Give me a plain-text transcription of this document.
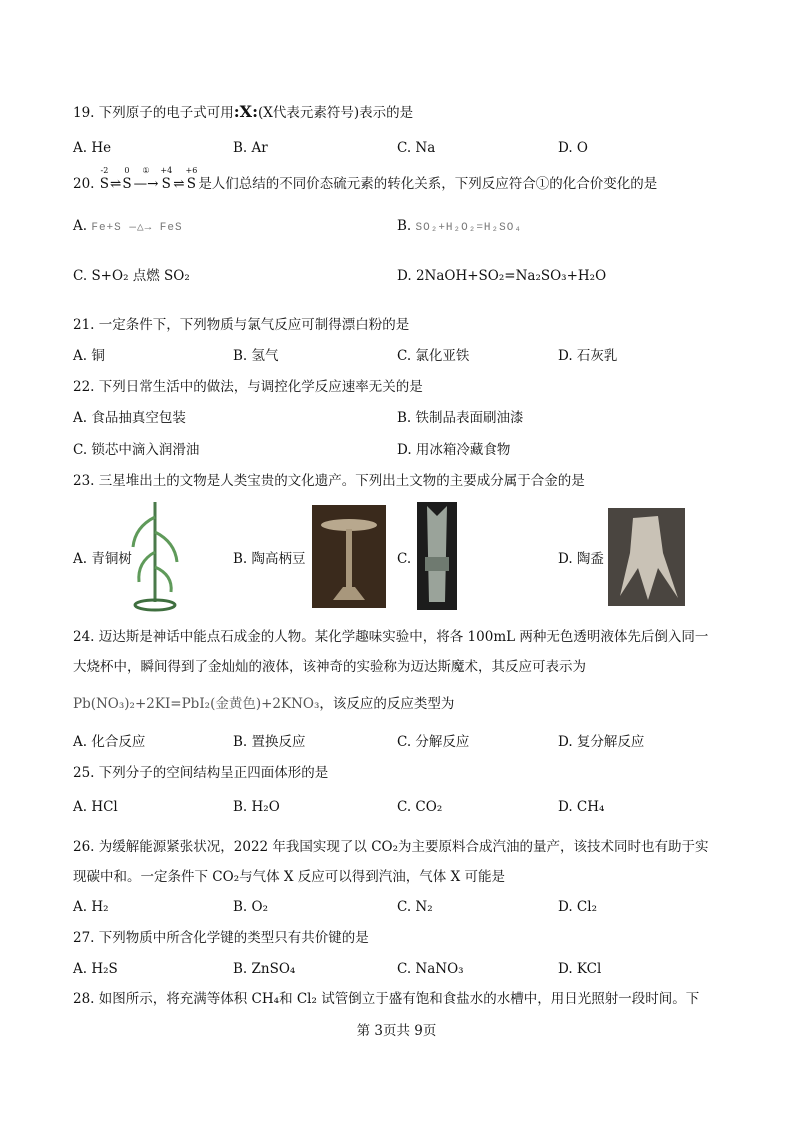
19. 下列原子的电子式可用:X:(X代表元素符号)表示的是
A. He	B. Ar	C. Na	D. O
20.
-2
S ⇌
0
S
①
—→
+4
S ⇌
+6
S 是人们总结的不同价态硫元素的转化关系，下列反应符合①的化合价变化的是
A. Fe+S —△→ FeS	B. SO₂+H₂O₂=H₂SO₄
C. S+O₂ 点燃 SO₂	D. 2NaOH+SO₂=Na₂SO₃+H₂O
21. 一定条件下，下列物质与氯气反应可制得漂白粉的是
A. 铜	B. 氢气	C. 氯化亚铁	D. 石灰乳
22. 下列日常生活中的做法，与调控化学反应速率无关的是
A. 食品抽真空包装	B. 铁制品表面刷油漆
C. 锁芯中滴入润滑油	D. 用冰箱冷藏食物
23. 三星堆出土的文物是人类宝贵的文化遗产。下列出土文物的主要成分属于合金的是
A. 青铜树	B. 陶高柄豆	C.	D. 陶盉
24. 迈达斯是神话中能点石成金的人物。某化学趣味实验中，将各 100mL 两种无色透明液体先后倒入同一
大烧杯中，瞬间得到了金灿灿的液体，该神奇的实验称为迈达斯魔术，其反应可表示为
Pb(NO₃)₂+2KI=PbI₂(金黄色)+2KNO₃，该反应的反应类型为
A. 化合反应	B. 置换反应	C. 分解反应	D. 复分解反应
25. 下列分子的空间结构呈正四面体形的是
A. HCl	B. H₂O	C. CO₂	D. CH₄
26. 为缓解能源紧张状况，2022 年我国实现了以 CO₂为主要原料合成汽油的量产，该技术同时也有助于实
现碳中和。一定条件下 CO₂与气体 X 反应可以得到汽油，气体 X 可能是
A. H₂	B. O₂	C. N₂	D. Cl₂
27. 下列物质中所含化学键的类型只有共价键的是
A. H₂S	B. ZnSO₄	C. NaNO₃	D. KCl
28. 如图所示，将充满等体积 CH₄和 Cl₂ 试管倒立于盛有饱和食盐水的水槽中，用日光照射一段时间。下
第 3页共 9页
